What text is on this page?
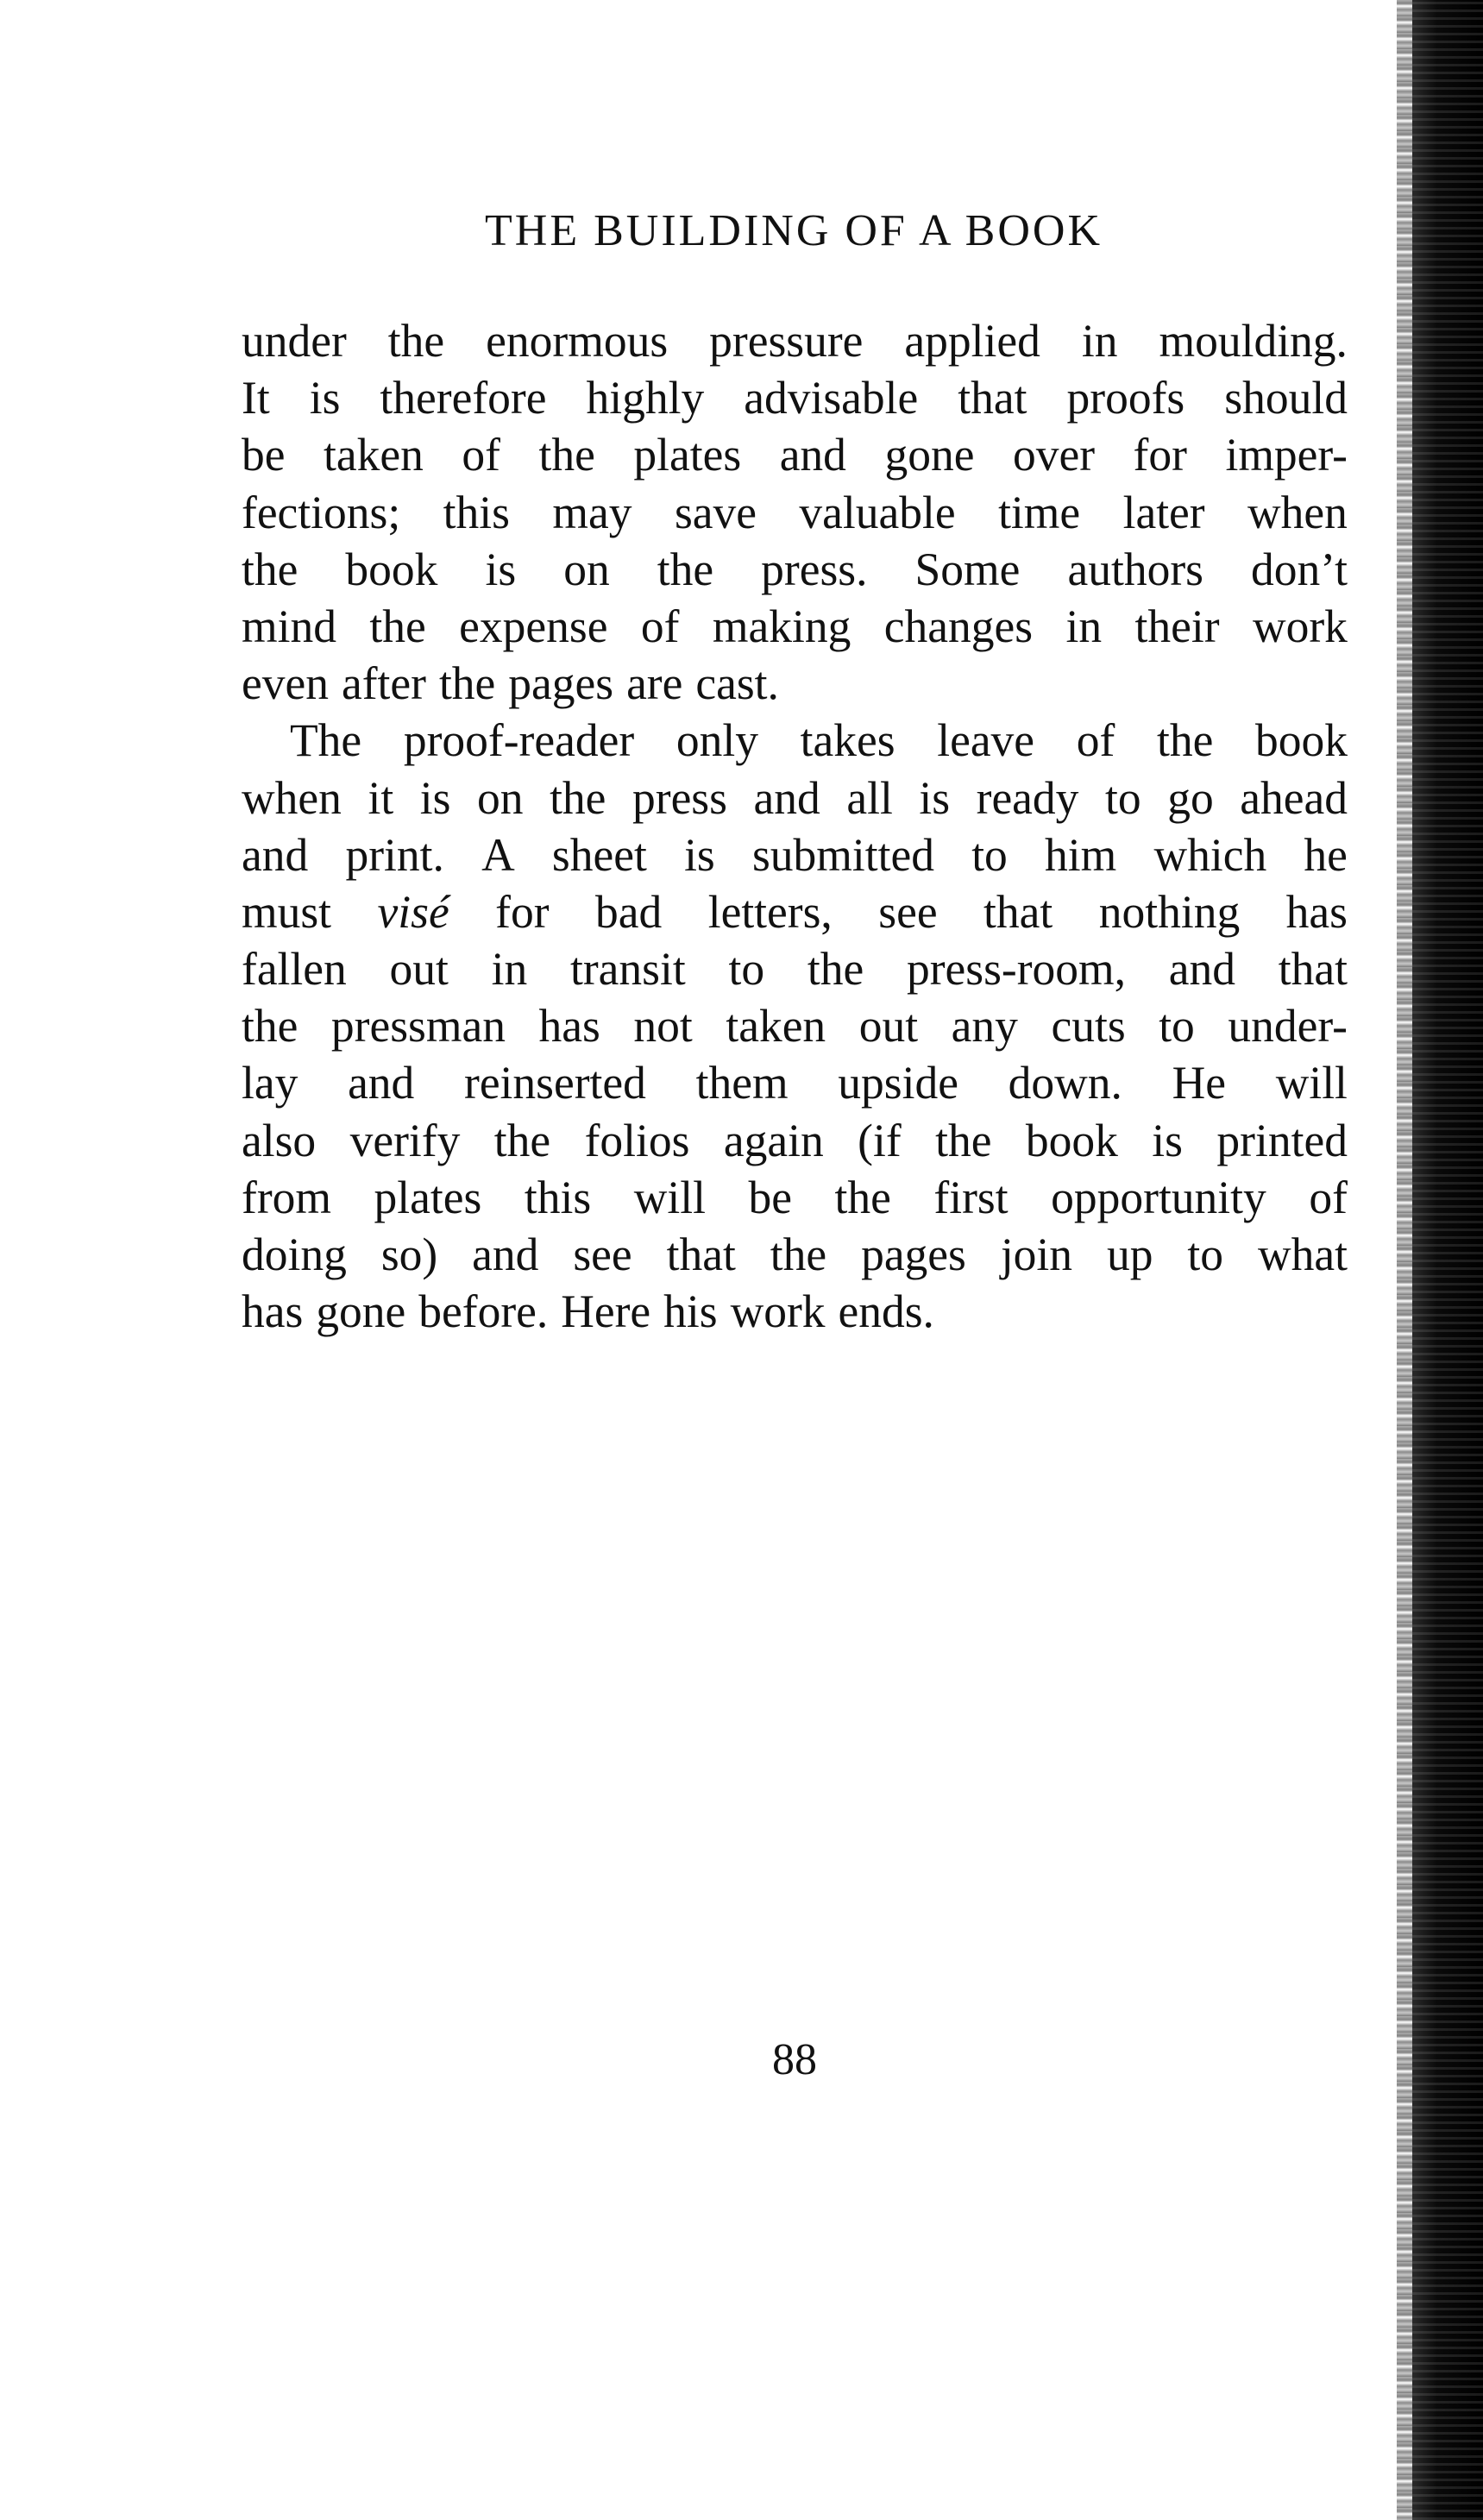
THE BUILDING OF A BOOK
under the enormous pressure applied in moulding.
It is therefore highly advisable that proofs should
be taken of the plates and gone over for imper-
fections; this may save valuable time later when
the book is on the press. Some authors don’t
mind the expense of making changes in their work
even after the pages are cast.
The proof-reader only takes leave of the book
when it is on the press and all is ready to go ahead
and print. A sheet is submitted to him which he
must visé for bad letters, see that nothing has
fallen out in transit to the press-room, and that
the pressman has not taken out any cuts to under-
lay and reinserted them upside down. He will
also verify the folios again (if the book is printed
from plates this will be the first opportunity of
doing so) and see that the pages join up to what
has gone before. Here his work ends.
88
